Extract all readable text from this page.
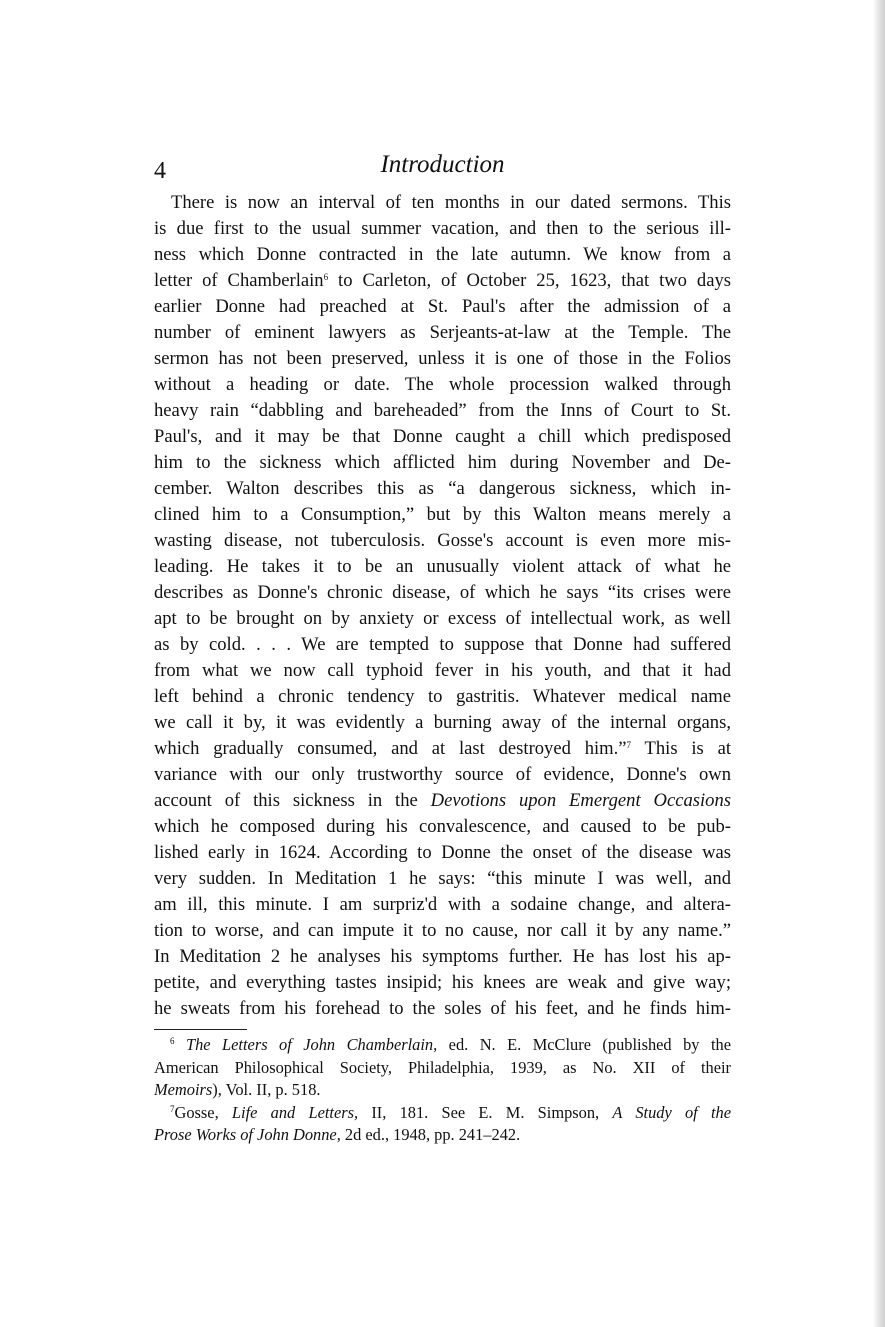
4	Introduction
There is now an interval of ten months in our dated sermons. This
is due first to the usual summer vacation, and then to the serious ill-
ness which Donne contracted in the late autumn. We know from a
letter of Chamberlain$^6$ to Carleton, of October 25, 1623, that two days
earlier Donne had preached at St. Paul's after the admission of a
number of eminent lawyers as Serjeants-at-law at the Temple. The
sermon has not been preserved, unless it is one of those in the Folios
without a heading or date. The whole procession walked through
heavy rain “dabbling and bareheaded” from the Inns of Court to St.
Paul's, and it may be that Donne caught a chill which predisposed
him to the sickness which afflicted him during November and De-
cember. Walton describes this as “a dangerous sickness, which in-
clined him to a Consumption,” but by this Walton means merely a
wasting disease, not tuberculosis. Gosse's account is even more mis-
leading. He takes it to be an unusually violent attack of what he
describes as Donne's chronic disease, of which he says “its crises were
apt to be brought on by anxiety or excess of intellectual work, as well
as by cold. . . . We are tempted to suppose that Donne had suffered
from what we now call typhoid fever in his youth, and that it had
left behind a chronic tendency to gastritis. Whatever medical name
we call it by, it was evidently a burning away of the internal organs,
which gradually consumed, and at last destroyed him.”$^7$ This is at
variance with our only trustworthy source of evidence, Donne's own
account of this sickness in the Devotions upon Emergent Occasions
which he composed during his convalescence, and caused to be pub-
lished early in 1624. According to Donne the onset of the disease was
very sudden. In Meditation 1 he says: “this minute I was well, and
am ill, this minute. I am surpriz'd with a sodaine change, and altera-
tion to worse, and can impute it to no cause, nor call it by any name.”
In Meditation 2 he analyses his symptoms further. He has lost his ap-
petite, and everything tastes insipid; his knees are weak and give way;
he sweats from his forehead to the soles of his feet, and he finds him-
$^6$ The Letters of John Chamberlain, ed. N. E. McClure (published by the
American Philosophical Society, Philadelphia, 1939, as No. XII of their
Memoirs), Vol. II, p. 518.
$^7$Gosse, Life and Letters, II, 181. See E. M. Simpson, A Study of the
Prose Works of John Donne, 2d ed., 1948, pp. 241–242.
